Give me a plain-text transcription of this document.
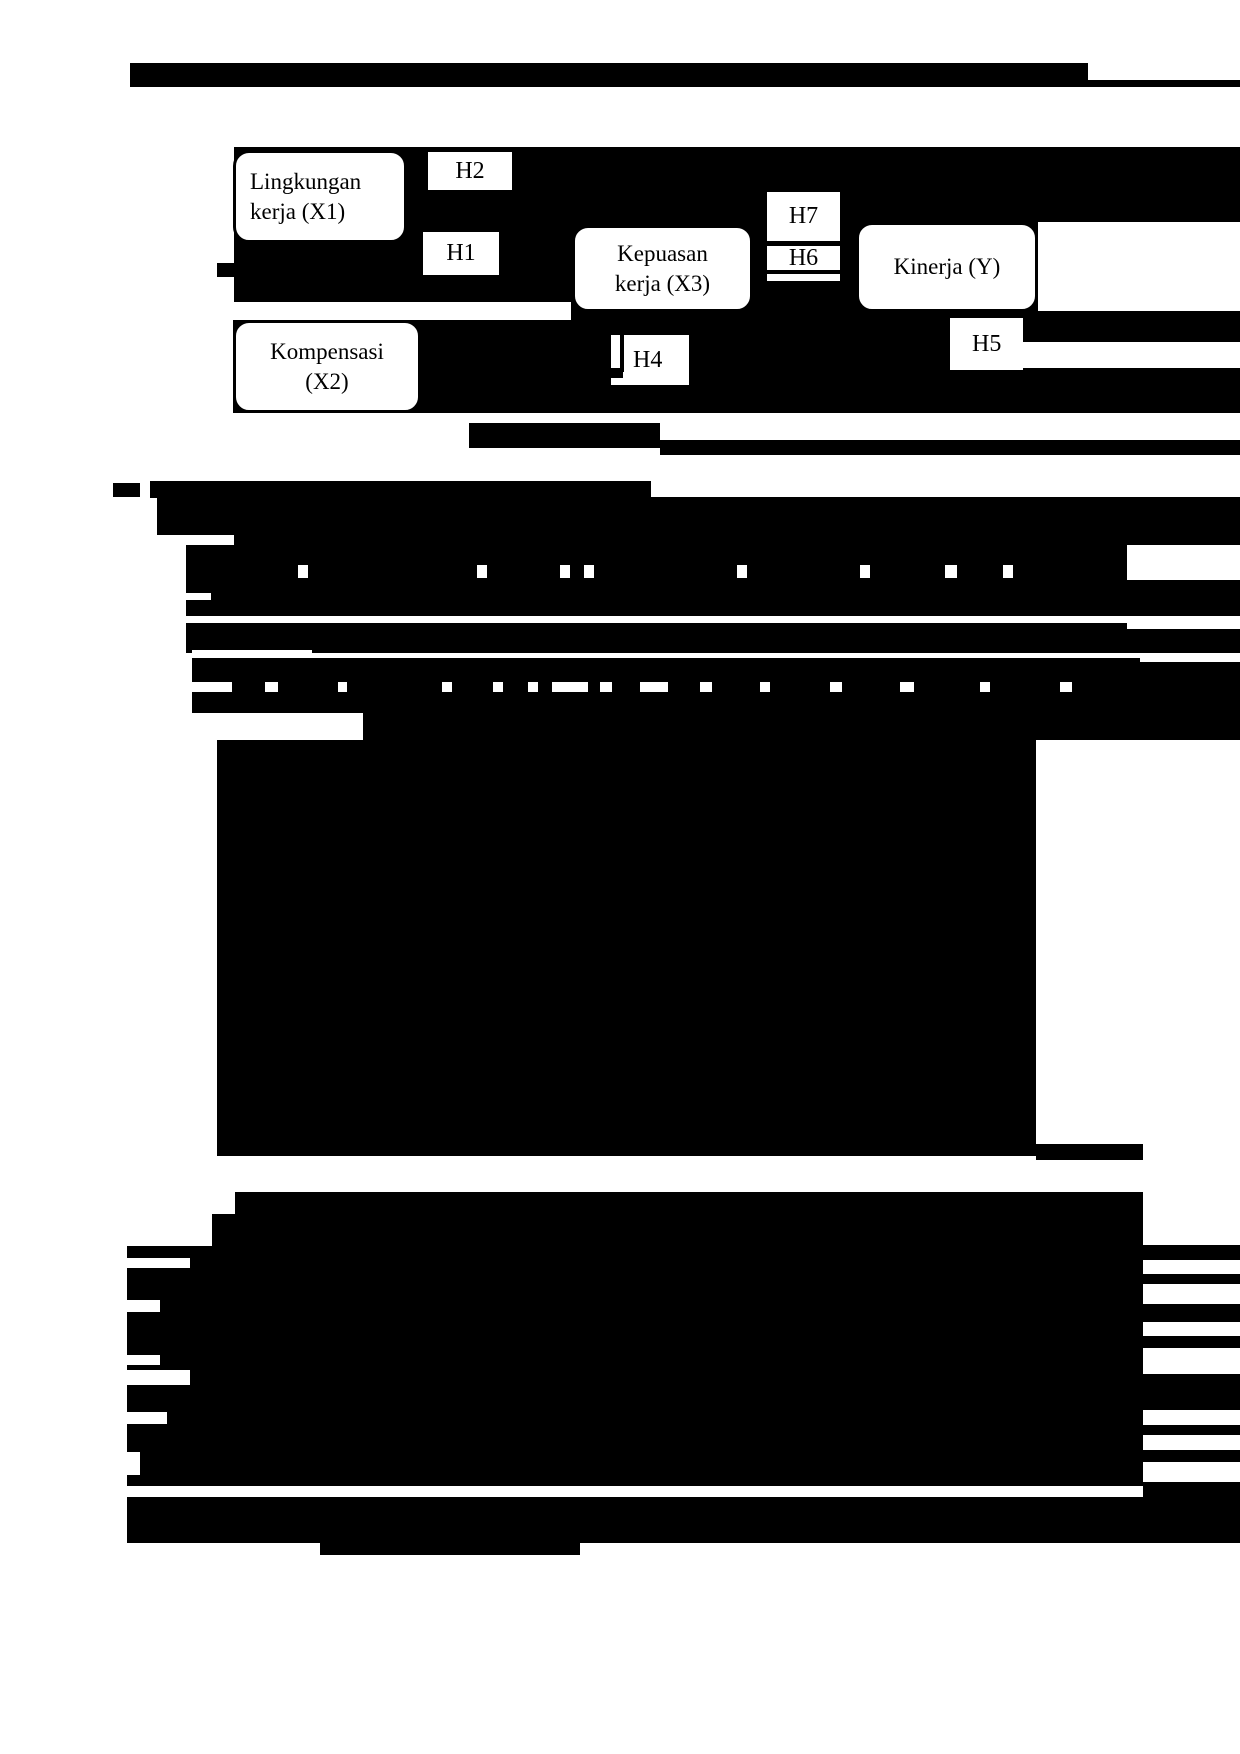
Lingkungan
kerja (X1)
Kompensasi
(X2)
Kepuasan
kerja (X3)
Kinerja (Y)
H2
H1
H7
H6
H4
H5
